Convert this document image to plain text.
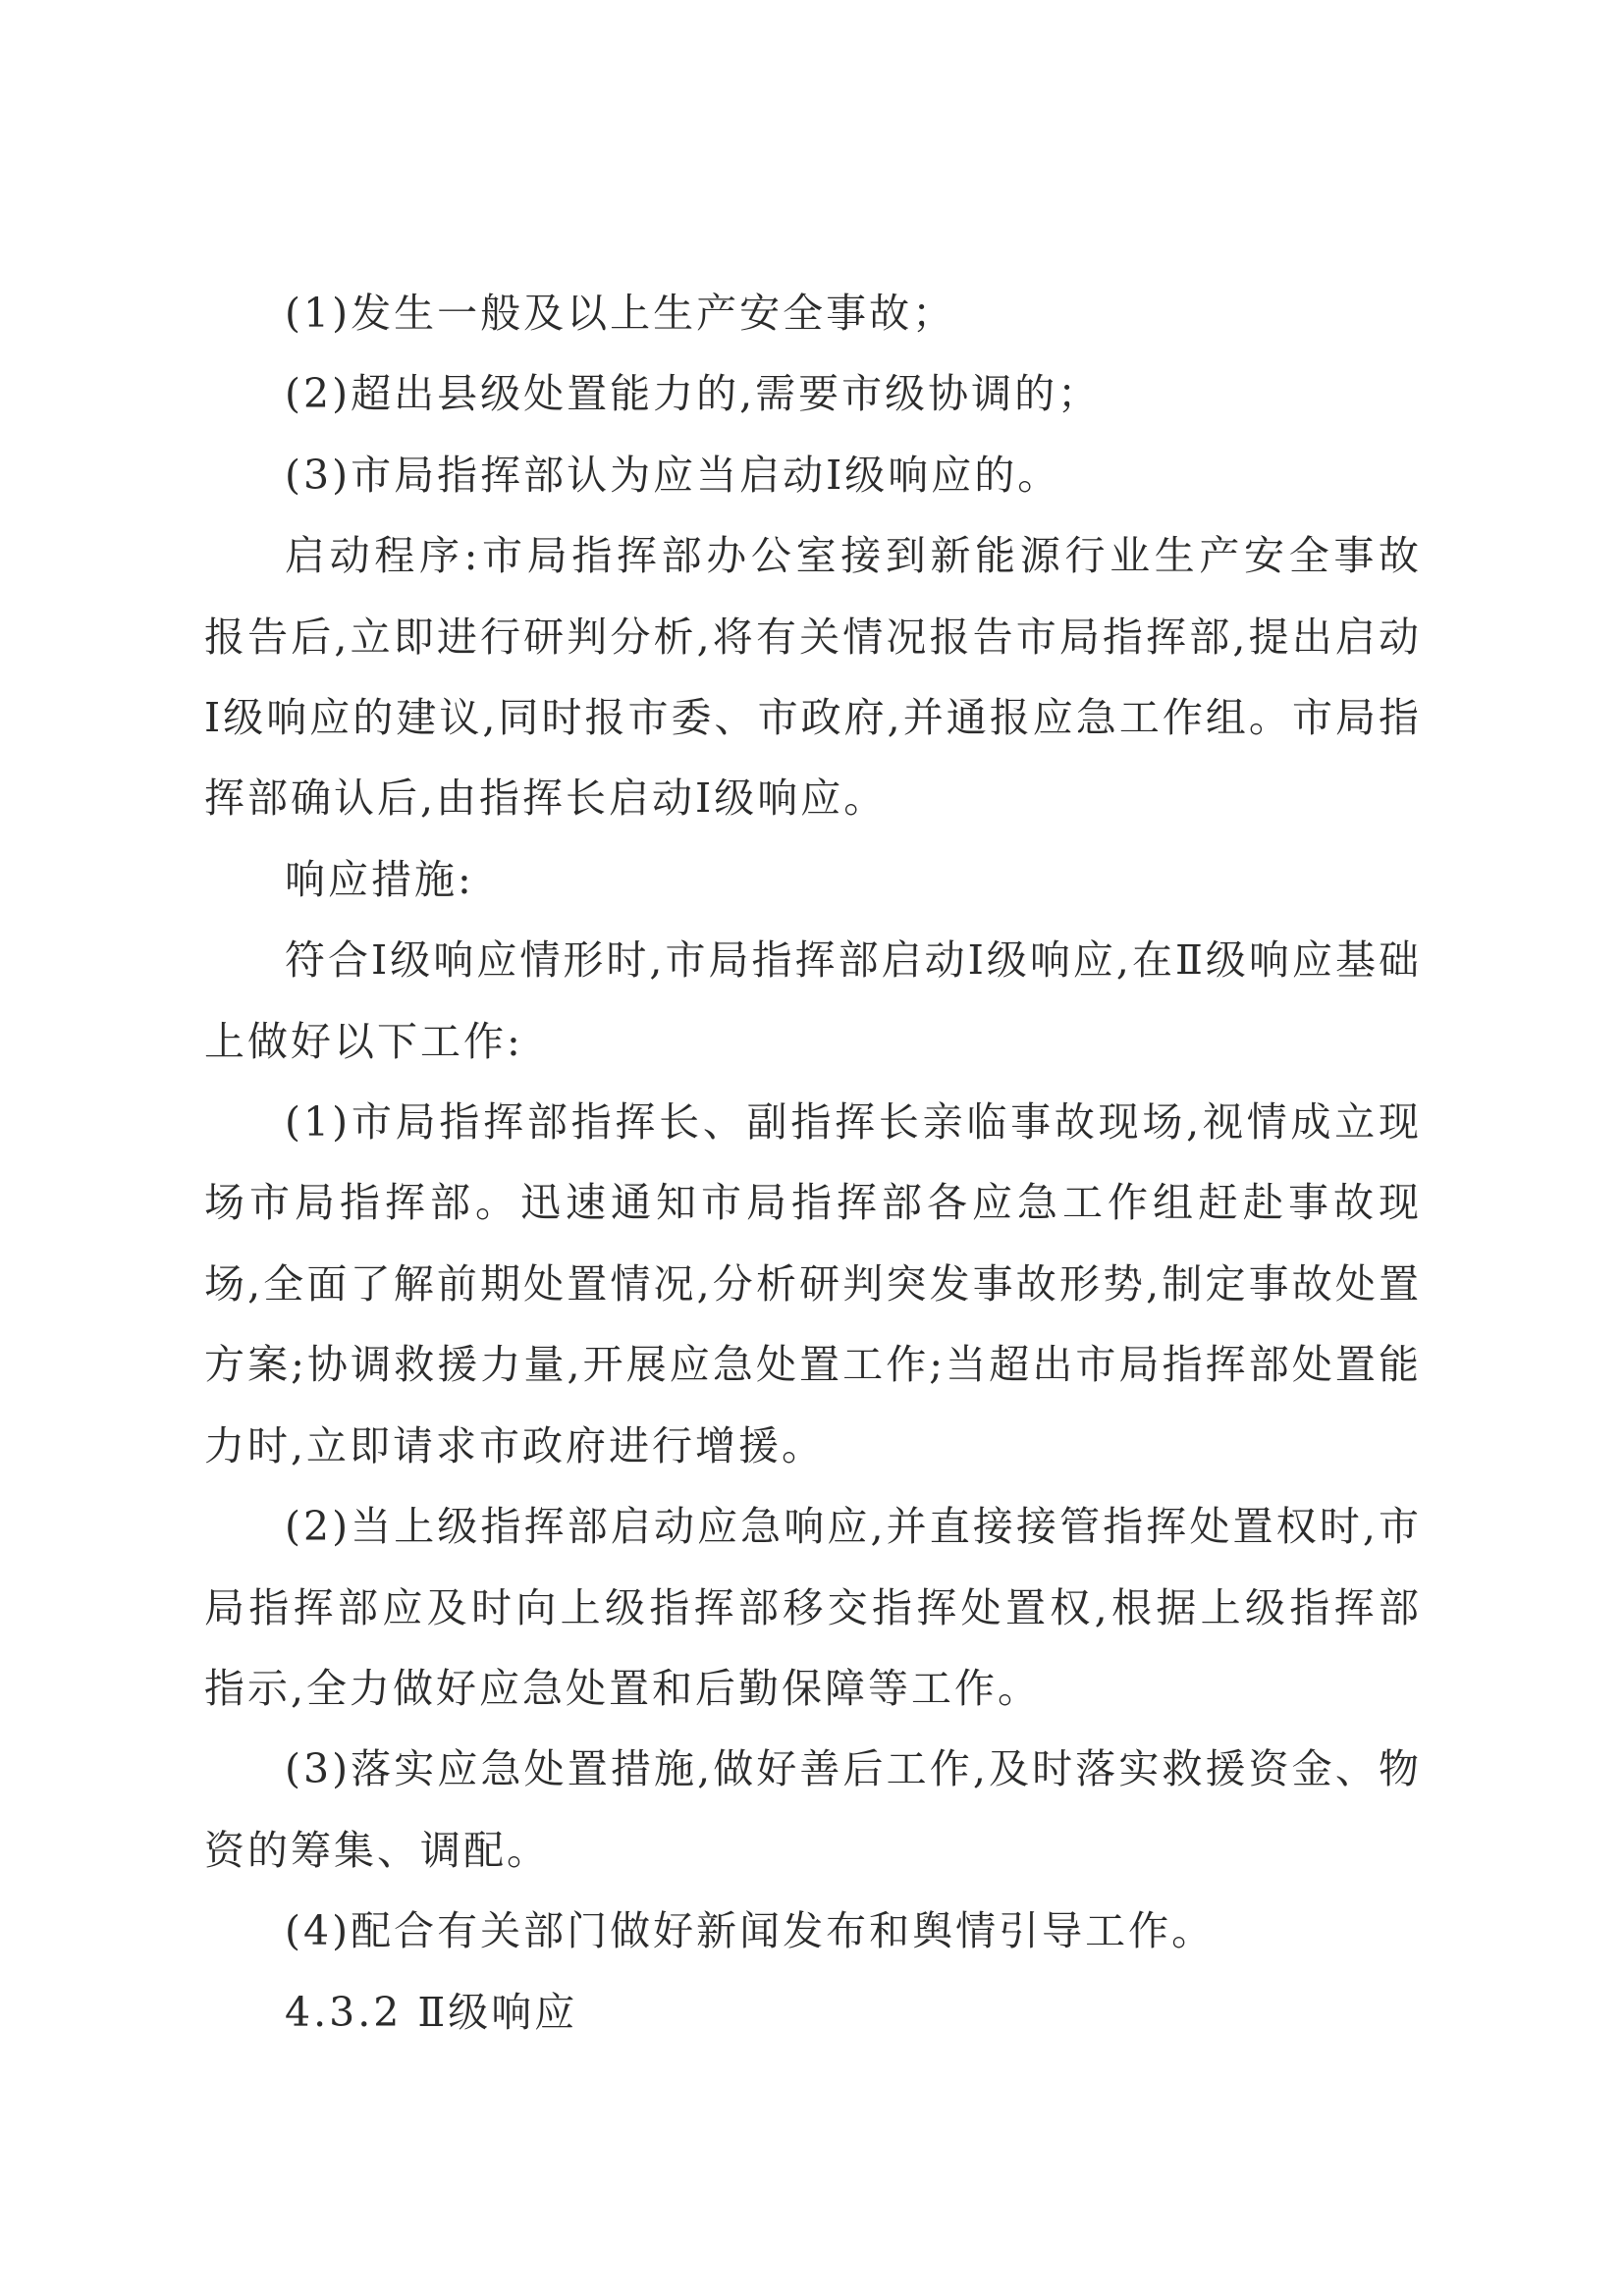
(1)发生一般及以上生产安全事故；

(2)超出县级处置能力的,需要市级协调的；

(3)市局指挥部认为应当启动Ⅰ级响应的。

启动程序:市局指挥部办公室接到新能源行业生产安全事故报告后,立即进行研判分析,将有关情况报告市局指挥部,提出启动Ⅰ级响应的建议,同时报市委、市政府,并通报应急工作组。市局指挥部确认后,由指挥长启动Ⅰ级响应。

响应措施:

符合Ⅰ级响应情形时,市局指挥部启动Ⅰ级响应,在Ⅱ级响应基础上做好以下工作:

(1)市局指挥部指挥长、副指挥长亲临事故现场,视情成立现场市局指挥部。迅速通知市局指挥部各应急工作组赶赴事故现场,全面了解前期处置情况,分析研判突发事故形势,制定事故处置方案;协调救援力量,开展应急处置工作;当超出市局指挥部处置能力时,立即请求市政府进行增援。

(2)当上级指挥部启动应急响应,并直接接管指挥处置权时,市局指挥部应及时向上级指挥部移交指挥处置权,根据上级指挥部指示,全力做好应急处置和后勤保障等工作。

(3)落实应急处置措施,做好善后工作,及时落实救援资金、物资的筹集、调配。

(4)配合有关部门做好新闻发布和舆情引导工作。

4.3.2 Ⅱ级响应
